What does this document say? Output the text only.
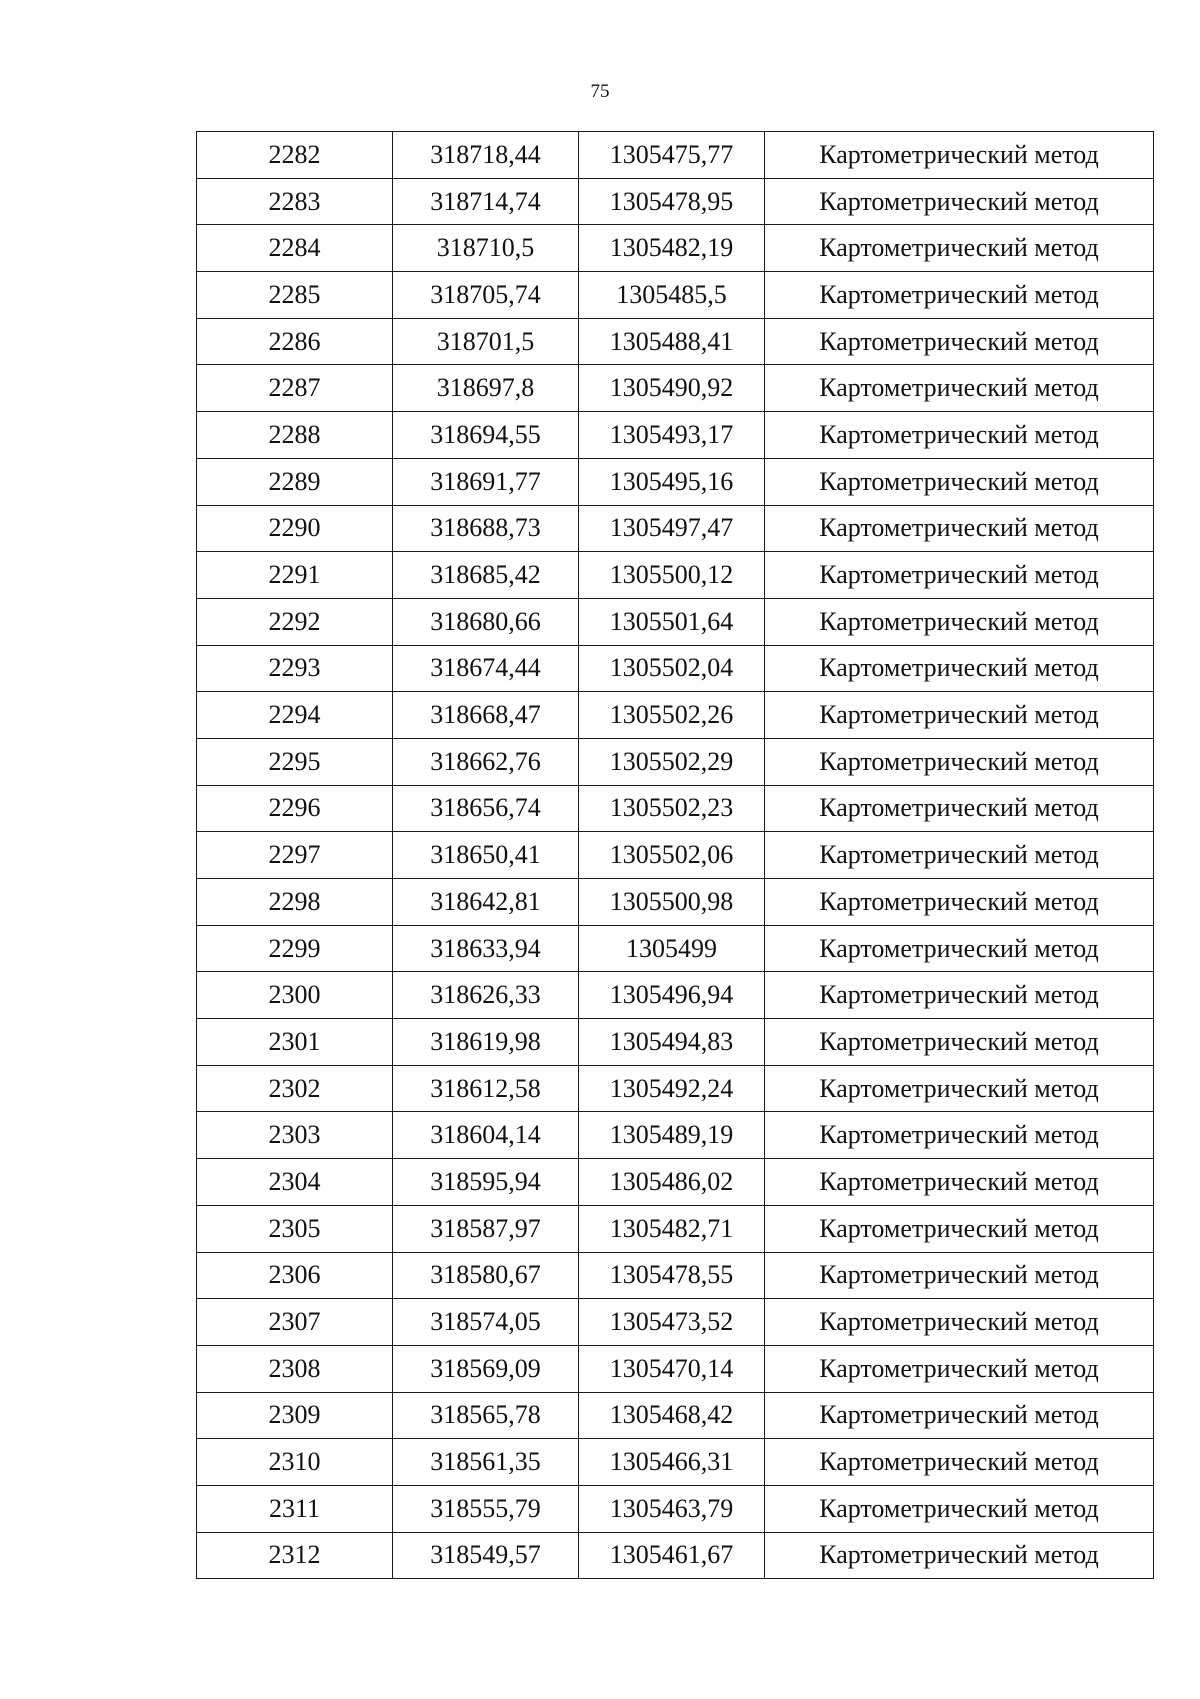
75
2282	318718,44	1305475,77	Картометрический метод
2283	318714,74	1305478,95	Картометрический метод
2284	318710,5	1305482,19	Картометрический метод
2285	318705,74	1305485,5	Картометрический метод
2286	318701,5	1305488,41	Картометрический метод
2287	318697,8	1305490,92	Картометрический метод
2288	318694,55	1305493,17	Картометрический метод
2289	318691,77	1305495,16	Картометрический метод
2290	318688,73	1305497,47	Картометрический метод
2291	318685,42	1305500,12	Картометрический метод
2292	318680,66	1305501,64	Картометрический метод
2293	318674,44	1305502,04	Картометрический метод
2294	318668,47	1305502,26	Картометрический метод
2295	318662,76	1305502,29	Картометрический метод
2296	318656,74	1305502,23	Картометрический метод
2297	318650,41	1305502,06	Картометрический метод
2298	318642,81	1305500,98	Картометрический метод
2299	318633,94	1305499	Картометрический метод
2300	318626,33	1305496,94	Картометрический метод
2301	318619,98	1305494,83	Картометрический метод
2302	318612,58	1305492,24	Картометрический метод
2303	318604,14	1305489,19	Картометрический метод
2304	318595,94	1305486,02	Картометрический метод
2305	318587,97	1305482,71	Картометрический метод
2306	318580,67	1305478,55	Картометрический метод
2307	318574,05	1305473,52	Картометрический метод
2308	318569,09	1305470,14	Картометрический метод
2309	318565,78	1305468,42	Картометрический метод
2310	318561,35	1305466,31	Картометрический метод
2311	318555,79	1305463,79	Картометрический метод
2312	318549,57	1305461,67	Картометрический метод
